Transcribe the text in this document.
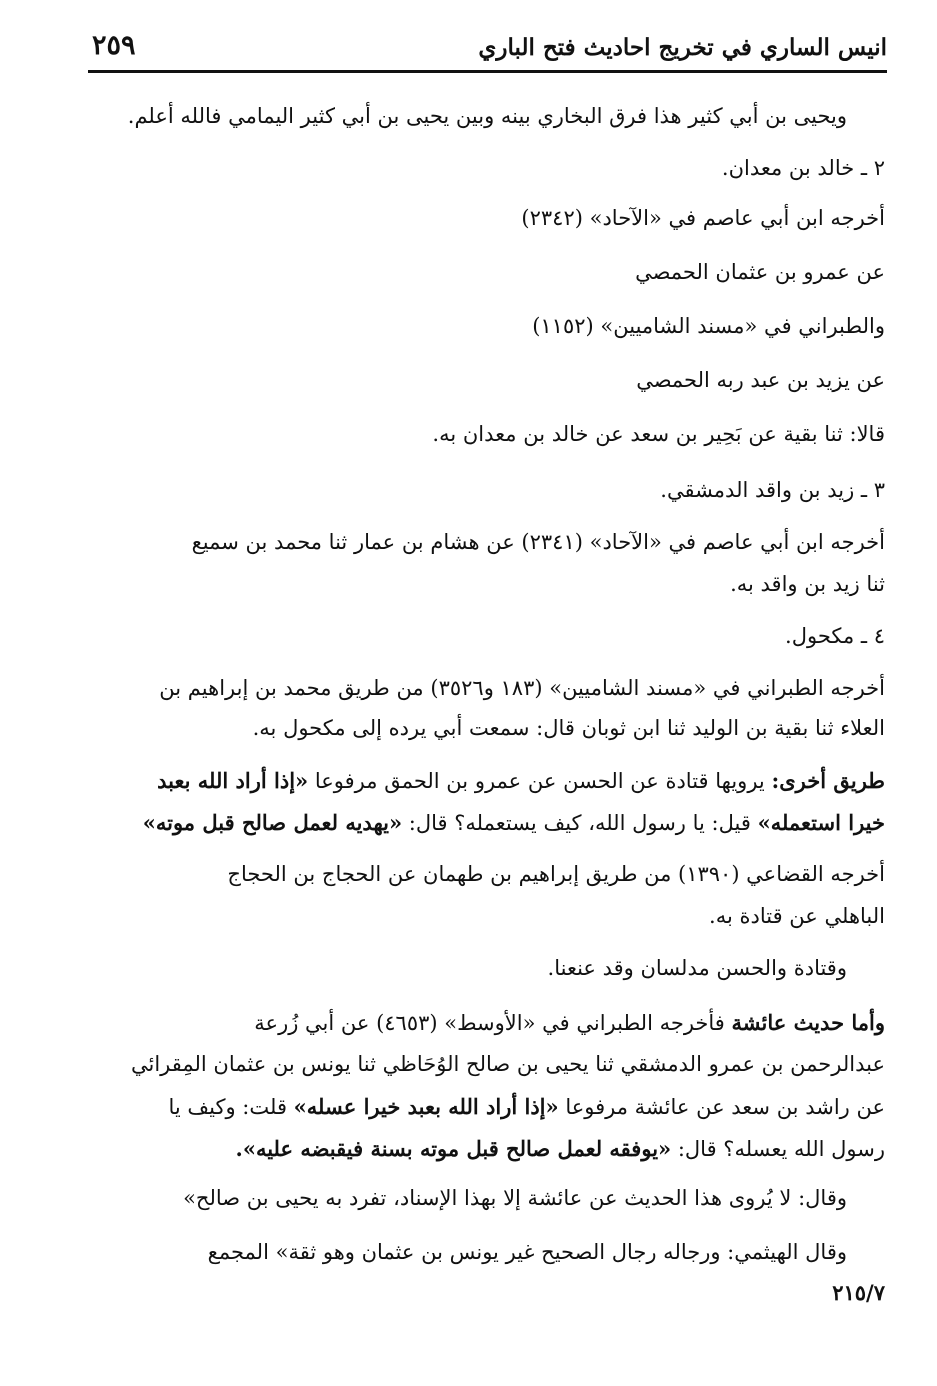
٢٥٩	انيس الساري في تخريج احاديث فتح الباري
ويحيى بن أبي كثير هذا فرق البخاري بينه وبين يحيى بن أبي كثير اليمامي فالله أعلم.
٢ ـ خالد بن معدان.
أخرجه ابن أبي عاصم في «الآحاد» (٢٣٤٢)
عن عمرو بن عثمان الحمصي
والطبراني في «مسند الشاميين» (١١٥٢)
عن يزيد بن عبد ربه الحمصي
قالا: ثنا بقية عن بَحِير بن سعد عن خالد بن معدان به.
٣ ـ زيد بن واقد الدمشقي.
أخرجه ابن أبي عاصم في «الآحاد» (٢٣٤١) عن هشام بن عمار ثنا محمد بن سميع
ثنا زيد بن واقد به.
٤ ـ مكحول.
أخرجه الطبراني في «مسند الشاميين» (١٨٣ و٣٥٢٦) من طريق محمد بن إبراهيم بن
العلاء ثنا بقية بن الوليد ثنا ابن ثوبان قال: سمعت أبي يرده إلى مكحول به.
طريق أخرى: يرويها قتادة عن الحسن عن عمرو بن الحمق مرفوعا «إذا أراد الله بعبد
خيرا استعمله» قيل: يا رسول الله، كيف يستعمله؟ قال: «يهديه لعمل صالح قبل موته»
أخرجه القضاعي (١٣٩٠) من طريق إبراهيم بن طهمان عن الحجاج بن الحجاج
الباهلي عن قتادة به.
وقتادة والحسن مدلسان وقد عنعنا.
وأما حديث عائشة فأخرجه الطبراني في «الأوسط» (٤٦٥٣) عن أبي زُرعة
عبدالرحمن بن عمرو الدمشقي ثنا يحيى بن صالح الوُحَاظي ثنا يونس بن عثمان المِقرائي
عن راشد بن سعد عن عائشة مرفوعا «إذا أراد الله بعبد خيرا عسله» قلت: وكيف يا
رسول الله يعسله؟ قال: «يوفقه لعمل صالح قبل موته بسنة فيقبضه عليه».
وقال: لا يُروى هذا الحديث عن عائشة إلا بهذا الإسناد، تفرد به يحيى بن صالح»
وقال الهيثمي: ورجاله رجال الصحيح غير يونس بن عثمان وهو ثقة» المجمع
٢١٥/٧
